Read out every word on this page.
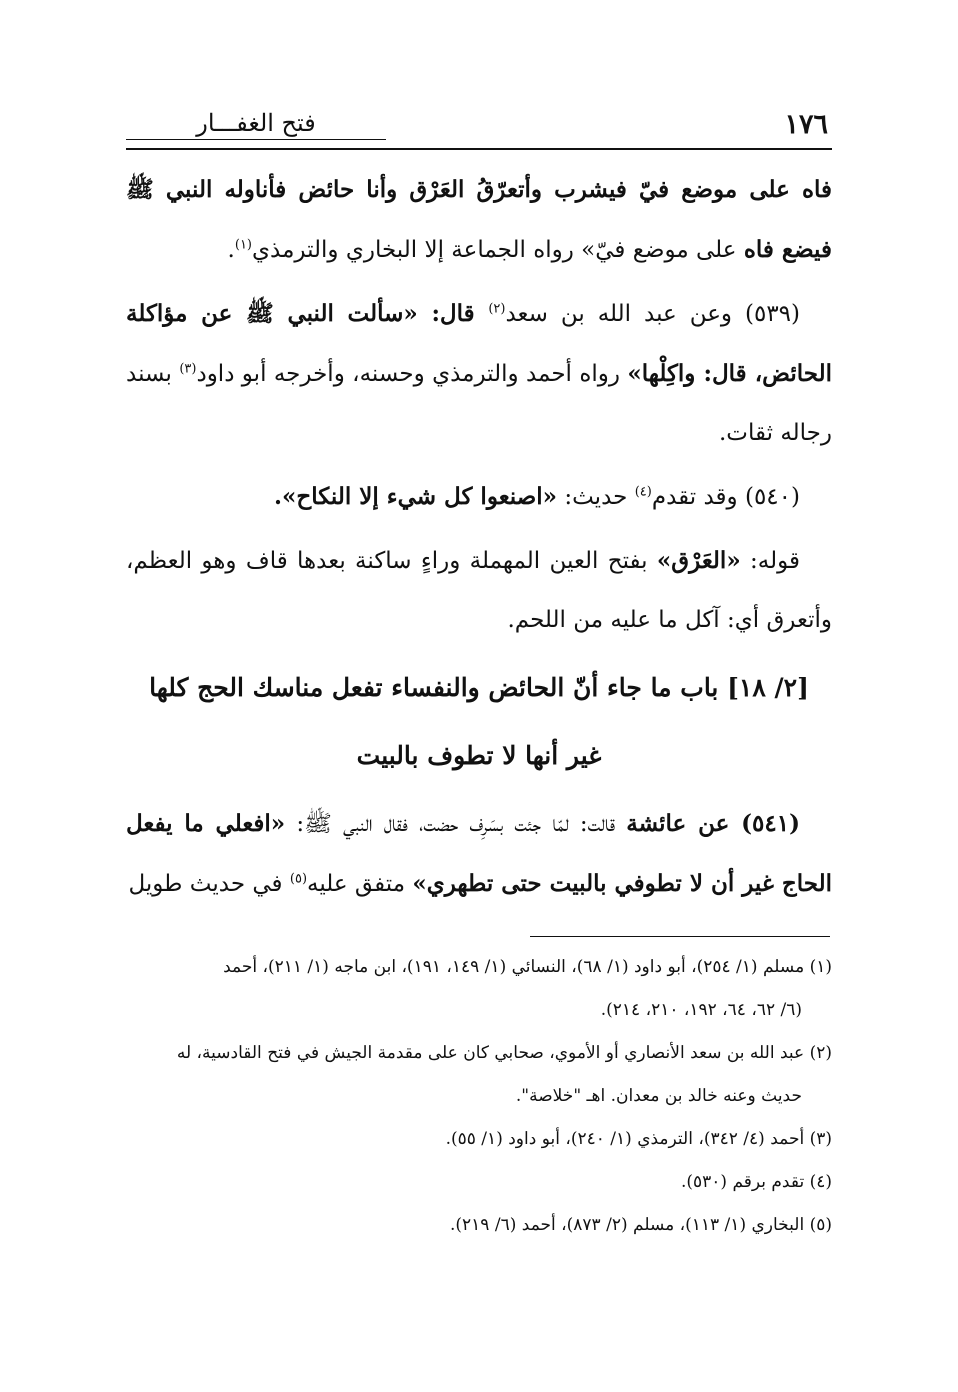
١٧٦
فتح الغفـــار

فاه على موضع فيّ فيشرب وأتعرّقُ العَرْق وأنا حائض فأناوله النبي ﷺ فيضع فاه على موضع فيّ» رواه الجماعة إلا البخاري والترمذي$^{(١)}$.

(٥٣٩) وعن عبد الله بن سعد$^{(٢)}$ قال: «سألت النبي ﷺ عن مؤاكلة الحائض، قال: واكِلْها» رواه أحمد والترمذي وحسنه، وأخرجه أبو داود$^{(٣)}$ بسند رجاله ثقات.

(٥٤٠) وقد تقدم$^{(٤)}$ حديث: «اصنعوا كل شيء إلا النكاح».

قوله: «العَرْق» بفتح العين المهملة وراءٍ ساكنة بعدها قاف وهو العظم، وأتعرق أي: آكل ما عليه من اللحم.

[٢/ ١٨] باب ما جاء أنّ الحائض والنفساء تفعل مناسك الحج كلها
غير أنها لا تطوف بالبيت

(٥٤١) عن عائشة قالت: لمّا جئت بسَرِف حضت، فقال النبي ﷺ: «افعلي ما يفعل الحاج غير أن لا تطوفي بالبيت حتى تطهري» متفق عليه$^{(٥)}$ في حديث طويل

(١) مسلم (١/ ٢٥٤)، أبو داود (١/ ٦٨)، النسائي (١/ ١٤٩، ١٩١)، ابن ماجه (١/ ٢١١)، أحمد

(٦/ ٦٢، ٦٤، ١٩٢، ٢١٠، ٢١٤).

(٢) عبد الله بن سعد الأنصاري أو الأموي، صحابي كان على مقدمة الجيش في فتح القادسية، له

حديث وعنه خالد بن معدان. اهـ "خلاصة".

(٣) أحمد (٤/ ٣٤٢)، الترمذي (١/ ٢٤٠)، أبو داود (١/ ٥٥).

(٤) تقدم برقم (٥٣٠).

(٥) البخاري (١/ ١١٣)، مسلم (٢/ ٨٧٣)، أحمد (٦/ ٢١٩).
